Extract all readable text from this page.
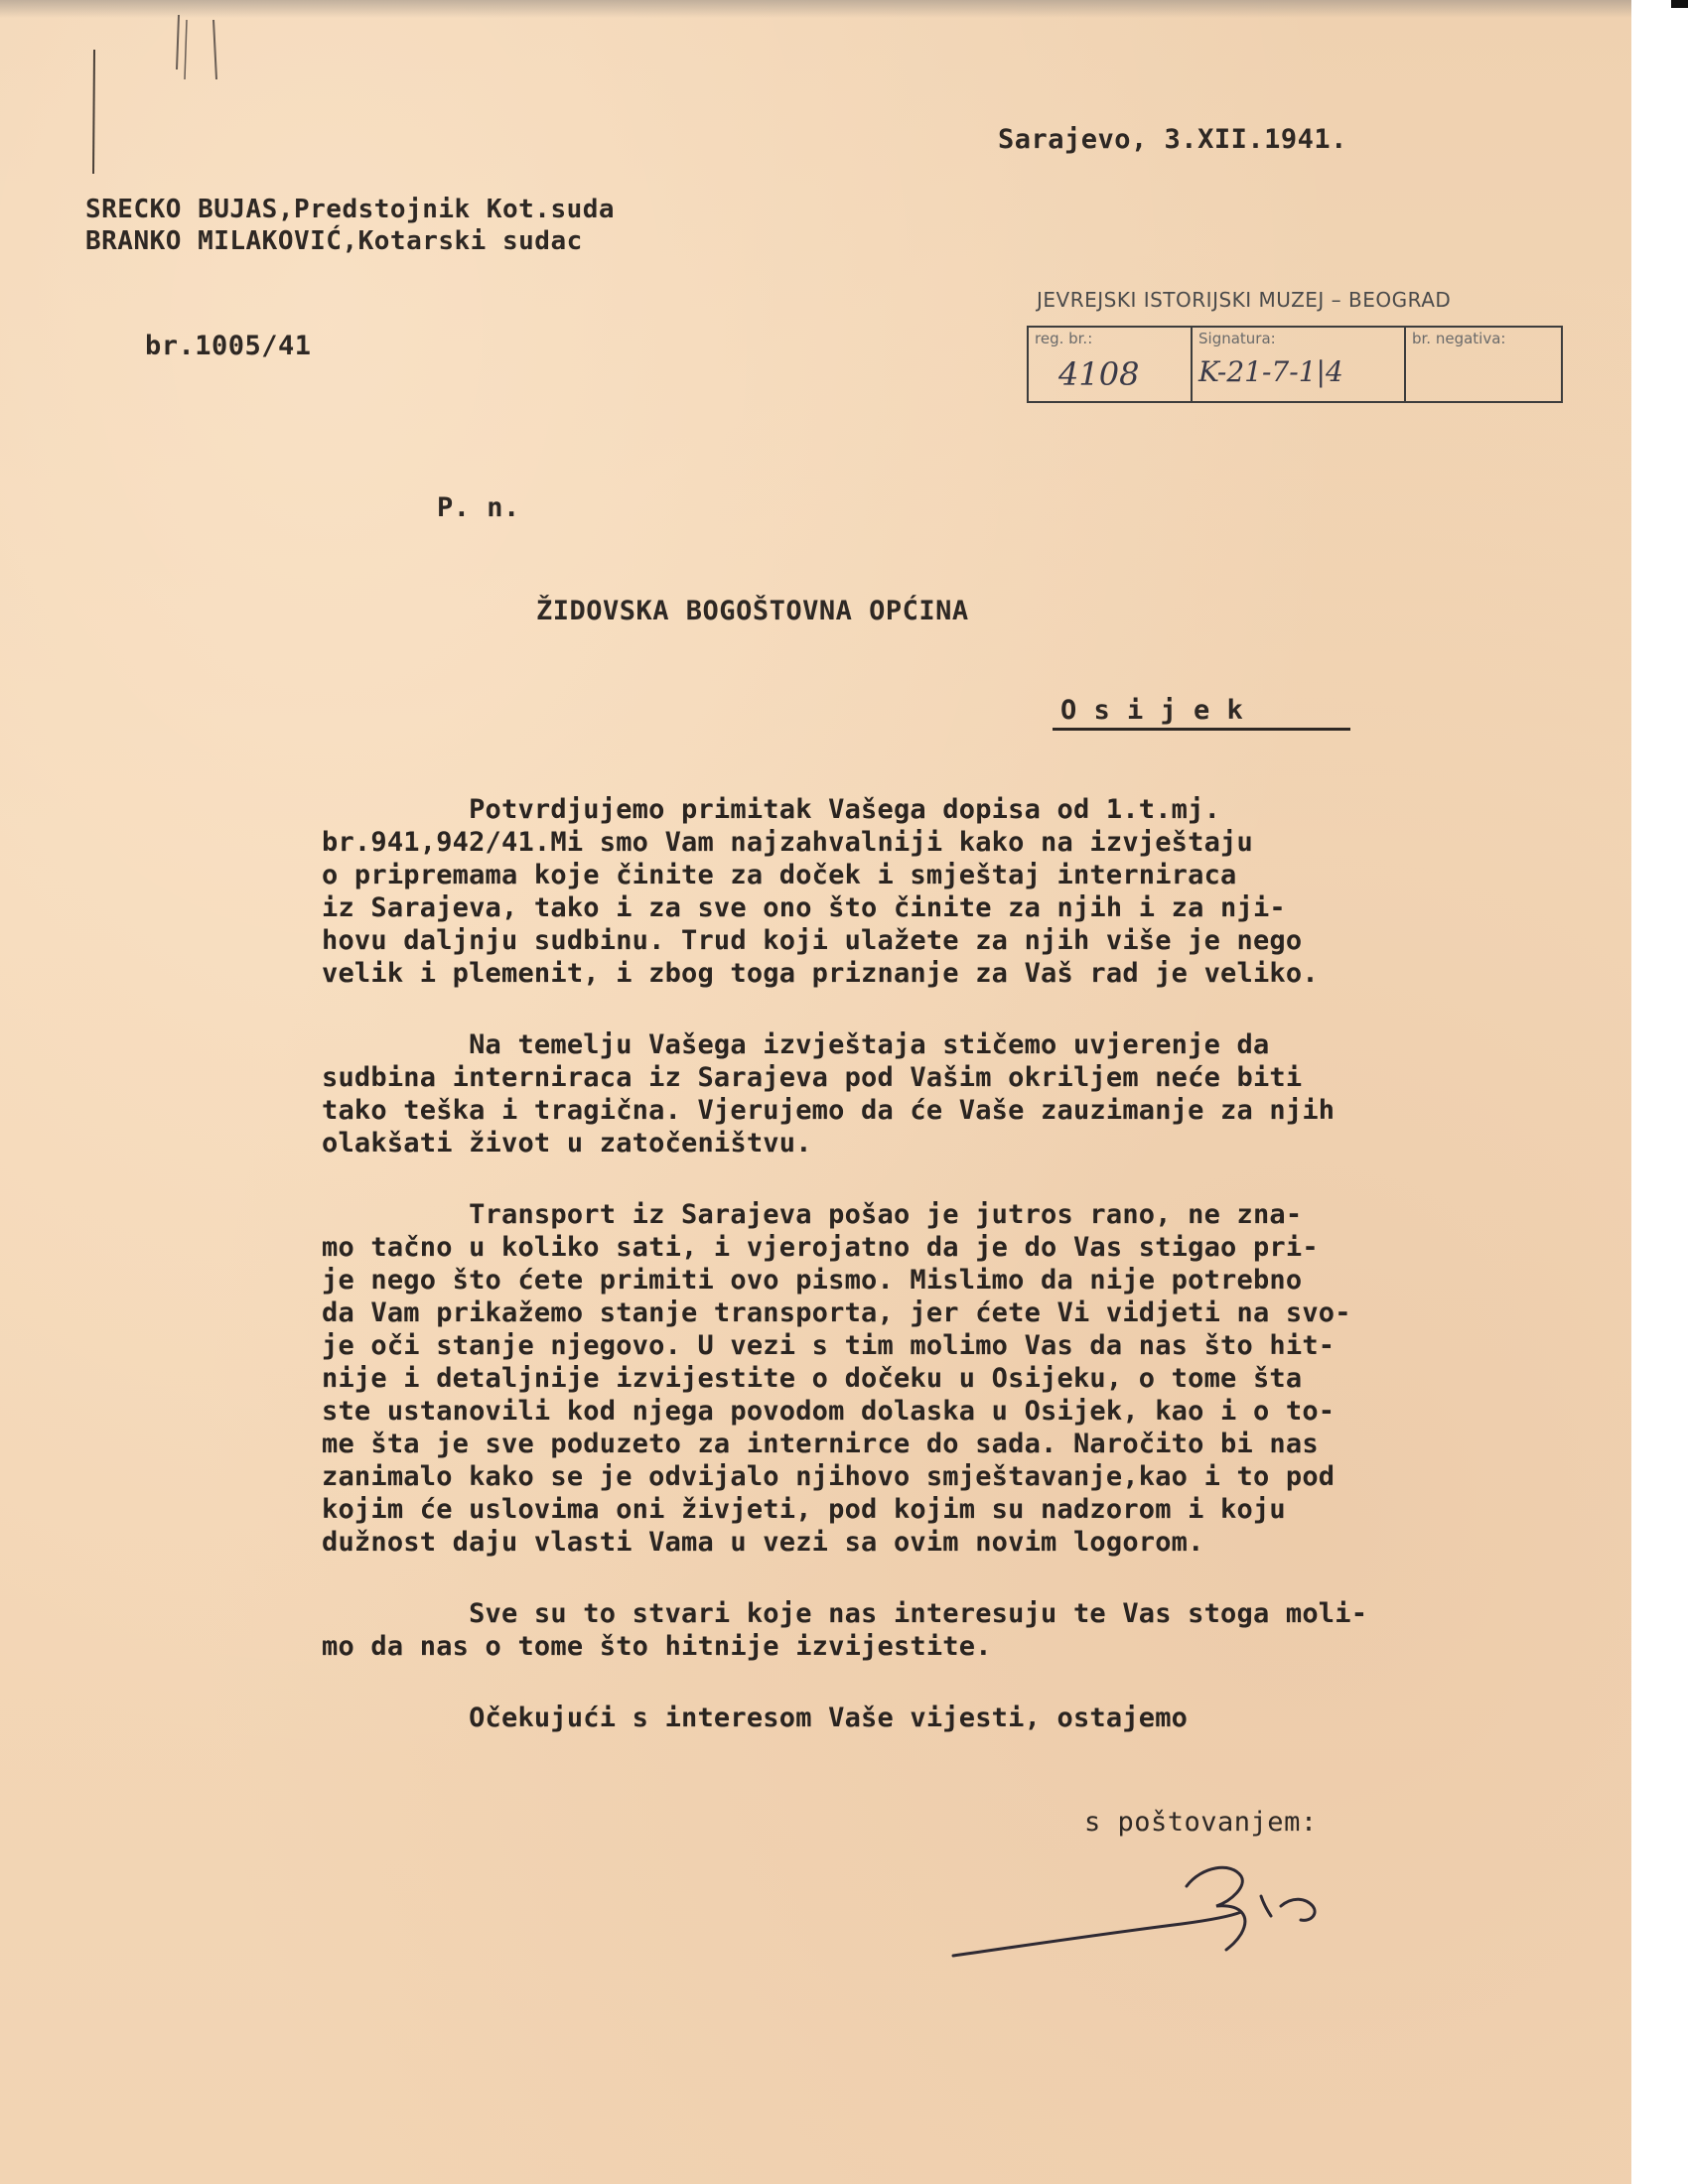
Sarajevo, 3.XII.1941.

SRECKO BUJAS,Predstojnik Kot.suda

BRANKO MILAKOVIĆ,Kotarski sudac

br.1005/41

JEVREJSKI ISTORIJSKI MUZEJ – BEOGRAD
reg. br.:
4108
Signatura:
K-21-7-1|4
br. negativa:

P. n.

ŽIDOVSKA BOGOŠTOVNA OPĆINA

O s i j e k

Potvrdjujemo primitak Vašega dopisa od 1.t.mj.

br.941,942/41.Mi smo Vam najzahvalniji kako na izvještaju

o pripremama koje činite za doček i smještaj interniraca

iz Sarajeva, tako i za sve ono što činite za njih i za nji-

hovu daljnju sudbinu. Trud koji ulažete za njih više je nego

velik i plemenit, i zbog toga priznanje za Vaš rad je veliko.

Na temelju Vašega izvještaja stičemo uvjerenje da

sudbina interniraca iz Sarajeva pod Vašim okriljem neće biti

tako teška i tragična. Vjerujemo da će Vaše zauzimanje za njih

olakšati život u zatočeništvu.

Transport iz Sarajeva pošao je jutros rano, ne zna-

mo tačno u koliko sati, i vjerojatno da je do Vas stigao pri-

je nego što ćete primiti ovo pismo. Mislimo da nije potrebno

da Vam prikažemo stanje transporta, jer ćete Vi vidjeti na svo-

je oči stanje njegovo. U vezi s tim molimo Vas da nas što hit-

nije i detaljnije izvijestite o dočeku u Osijeku, o tome šta

ste ustanovili kod njega povodom dolaska u Osijek, kao i o to-

me šta je sve poduzeto za internirce do sada. Naročito bi nas

zanimalo kako se je odvijalo njihovo smještavanje,kao i to pod

kojim će uslovima oni živjeti, pod kojim su nadzorom i koju

dužnost daju vlasti Vama u vezi sa ovim novim logorom.

Sve su to stvari koje nas interesuju te Vas stoga moli-

mo da nas o tome što hitnije izvijestite.

Očekujući s interesom Vaše vijesti, ostajemo

s poštovanjem:
